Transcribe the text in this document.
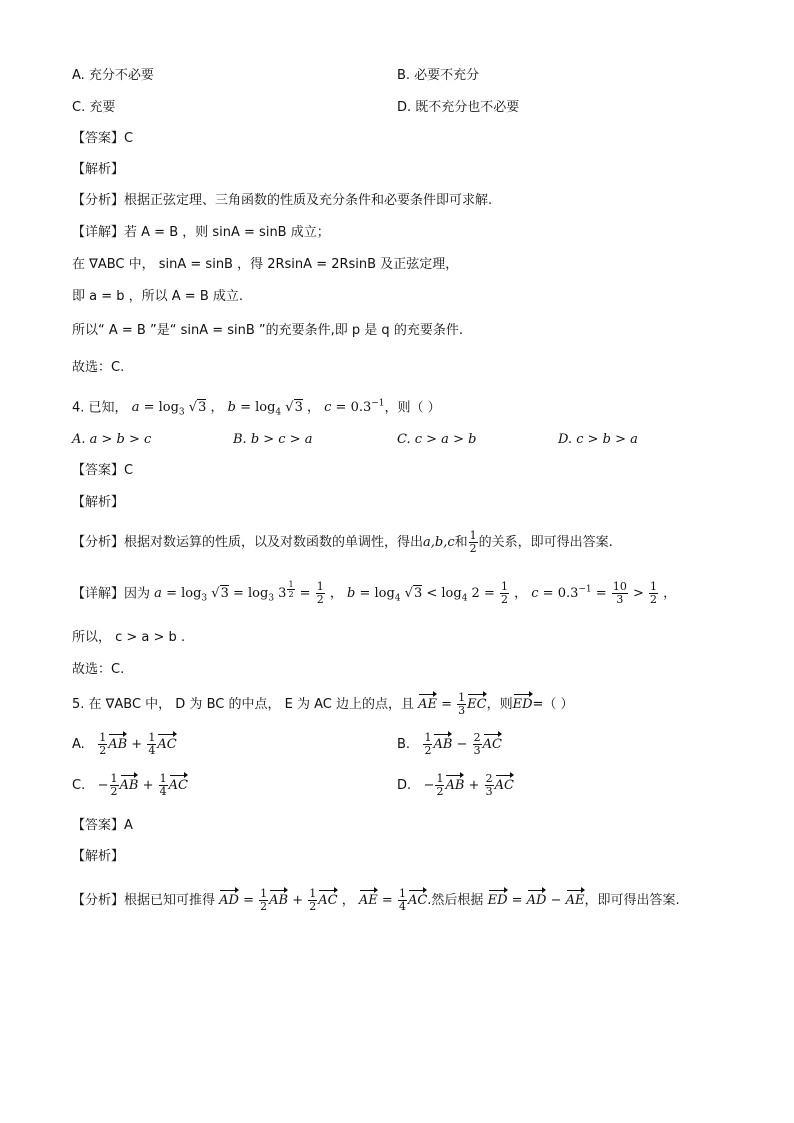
A. 充分不必要	B. 必要不充分
C. 充要	D. 既不充分也不必要
【答案】C
【解析】
【分析】根据正弦定理、三角函数的性质及充分条件和必要条件即可求解.
【详解】若 A = B ，则 sinA = sinB 成立；
在 ∇ABC 中， sinA = sinB ，得 2RsinA = 2RsinB 及正弦定理，
即 a = b ，所以 A = B 成立.
所以“ A = B ”是“ sinA = sinB ”的充要条件,即 p 是 q 的充要条件.
故选：C.
4. 已知， $a = \log_3 √3$ ， $b = \log_4 √3$ ， $c = 0.3^{-1}$，则（ ）
A. a > b > c	B. b > c > a	C. c > a > b	D. c > b > a
【答案】C
【解析】
【分析】根据对数运算的性质，以及对数函数的单调性，得出a,b,c和 $\frac{1}{2}$ 的关系，即可得出答案.
【详解】因为 $a = \log_3 √3 = \log_3 3$ $^{\frac{1}{2}} = \frac{1}{2}$ ， $b = \log_4 √3 < \log_4 2 = \frac{1}{2}$ ， $c = 0.3^{-1} = \frac{10}{3} > \frac{1}{2}$ ，
所以， c > a > b .
故选：C.
5. 在 ∇ABC 中， D 为 BC 的中点， E 为 AC 边上的点，且 AE = $\frac{1}{3}$ EC，则ED=（ ）
A. $\frac{1}{2}$ AB + $\frac{1}{4}$ AC	B. $\frac{1}{2}$ AB − $\frac{2}{3}$ AC
C. − $\frac{1}{2}$ AB + $\frac{1}{4}$ AC	D. − $\frac{1}{2}$ AB + $\frac{2}{3}$ AC
【答案】A
【解析】
【分析】根据已知可推得 AD = $\frac{1}{2}$ AB + $\frac{1}{2}$ AC ， AE = $\frac{1}{4}$ AC.然后根据 ED = AD − AE，即可得出答案.
